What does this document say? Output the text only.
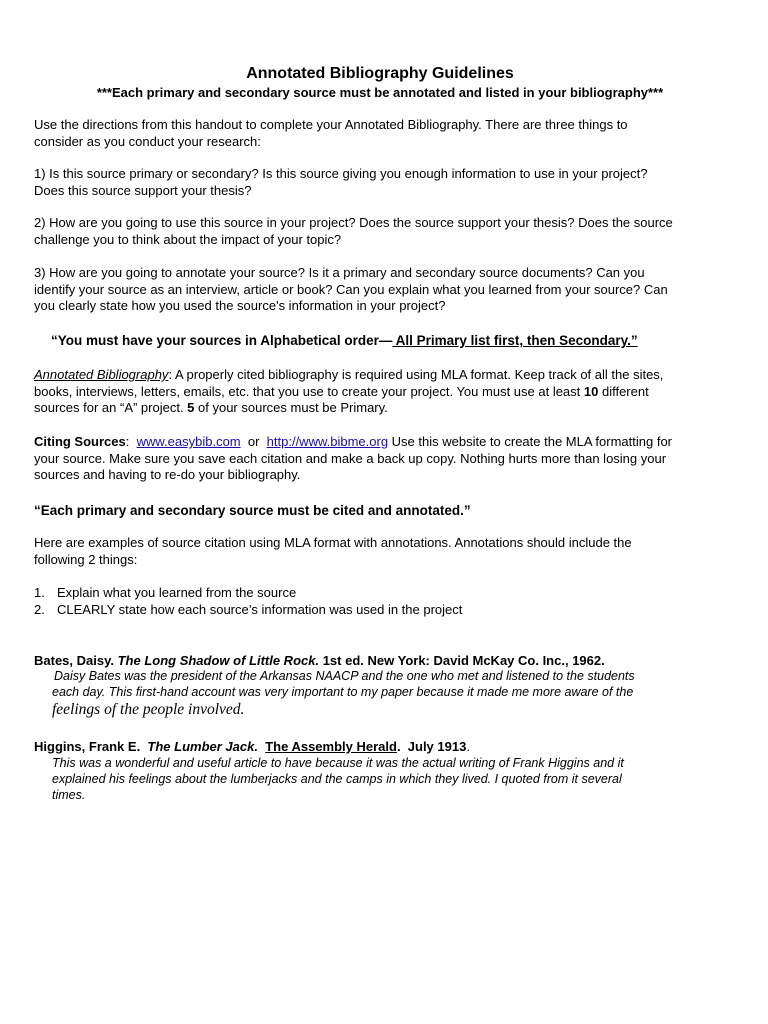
Annotated Bibliography Guidelines
***Each primary and secondary source must be annotated and listed in your bibliography***
Use the directions from this handout to complete your Annotated Bibliography. There are three things to
consider as you conduct your research:
1) Is this source primary or secondary? Is this source giving you enough information to use in your project?
Does this source support your thesis?
2) How are you going to use this source in your project? Does the source support your thesis? Does the source
challenge you to think about the impact of your topic?
3) How are you going to annotate your source? Is it a primary and secondary source documents? Can you
identify your source as an interview, article or book? Can you explain what you learned from your source? Can
you clearly state how you used the source's information in your project?
“You must have your sources in Alphabetical order— All Primary list first, then Secondary.”
Annotated Bibliography: A properly cited bibliography is required using MLA format. Keep track of all the sites,
books, interviews, letters, emails, etc. that you use to create your project. You must use at least 10 different
sources for an “A” project. 5 of your sources must be Primary.
Citing Sources:  www.easybib.com  or  http://www.bibme.org Use this website to create the MLA formatting for
your source. Make sure you save each citation and make a back up copy. Nothing hurts more than losing your
sources and having to re-do your bibliography.
“Each primary and secondary source must be cited and annotated.”
Here are examples of source citation using MLA format with annotations. Annotations should include the
following 2 things:
1. Explain what you learned from the source
2. CLEARLY state how each source’s information was used in the project
Bates, Daisy. The Long Shadow of Little Rock. 1st ed. New York: David McKay Co. Inc., 1962.
Daisy Bates was the president of the Arkansas NAACP and the one who met and listened to the students
each day. This first-hand account was very important to my paper because it made me more aware of the
feelings of the people involved.
Higgins, Frank E.  The Lumber Jack. The Assembly Herald.  July 1913.
This was a wonderful and useful article to have because it was the actual writing of Frank Higgins and it
explained his feelings about the lumberjacks and the camps in which they lived. I quoted from it several
times.
